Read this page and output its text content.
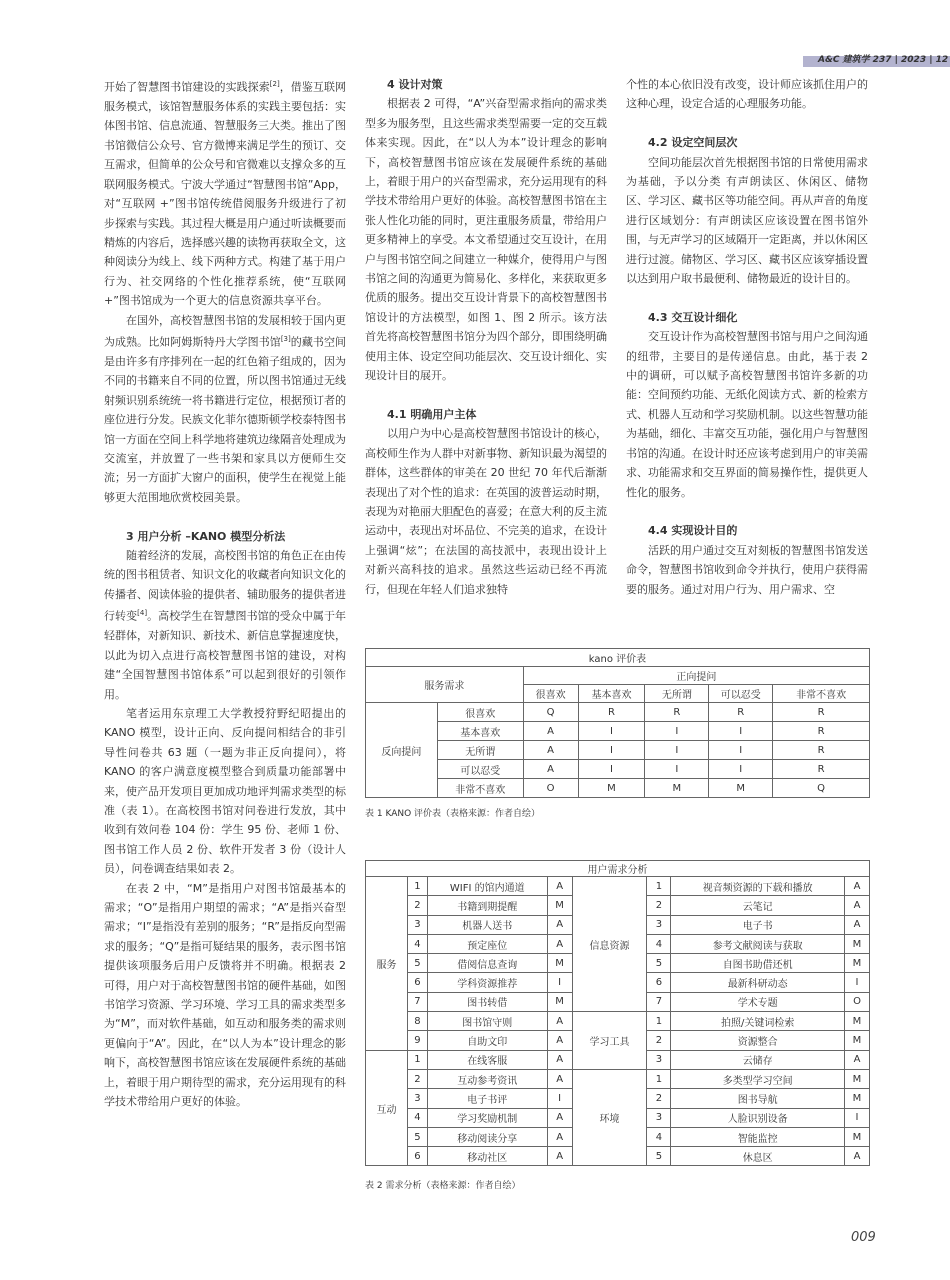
A&C 建筑学 237 | 2023 | 12

开始了智慧图书馆建设的实践探索[2]，借鉴互联网服务模式，该馆智慧服务体系的实践主要包括：实体图书馆、信息流通、智慧服务三大类。推出了图书馆微信公众号、官方微博来满足学生的预订、交互需求，但简单的公众号和官微难以支撑众多的互联网服务模式。宁波大学通过“智慧图书馆”App，对“互联网 +”图书馆传统借阅服务升级进行了初步探索与实践。其过程大概是用户通过听读概要而精炼的内容后，选择感兴趣的读物再获取全文，这种阅读分为线上、线下两种方式。构建了基于用户行为、社交网络的个性化推荐系统，使“互联网 +”图书馆成为一个更大的信息资源共享平台。

在国外，高校智慧图书馆的发展相较于国内更为成熟。比如阿姆斯特丹大学图书馆[3]的藏书空间是由许多有序排列在一起的红色箱子组成的，因为不同的书籍来自不同的位置，所以图书馆通过无线射频识别系统统一将书籍进行定位，根据预订者的座位进行分发。民族文化菲尔德斯顿学校泰特图书馆一方面在空间上科学地将建筑边缘隔音处理成为交流室，并放置了一些书架和家具以方便师生交流；另一方面扩大窗户的面积，使学生在视觉上能够更大范围地欣赏校园美景。

3 用户分析 –KANO 模型分析法

随着经济的发展，高校图书馆的角色正在由传统的图书租赁者、知识文化的收藏者向知识文化的传播者、阅读体验的提供者、辅助服务的提供者进行转变[4]。高校学生在智慧图书馆的受众中属于年轻群体，对新知识、新技术、新信息掌握速度快，以此为切入点进行高校智慧图书馆的建设，对构建“全国智慧图书馆体系”可以起到很好的引领作用。

笔者运用东京理工大学教授狩野纪昭提出的 KANO 模型，设计正向、反向提问相结合的非引导性问卷共 63 题（一题为非正反向提问），将 KANO 的客户满意度模型整合到质量功能部署中来，使产品开发项目更加成功地评判需求类型的标准（表 1）。在高校图书馆对问卷进行发放，其中收到有效问卷 104 份：学生 95 份、老师 1 份、图书馆工作人员 2 份、软件开发者 3 份（设计人员），问卷调查结果如表 2。

在表 2 中，“M”是指用户对图书馆最基本的需求；“O”是指用户期望的需求；“A”是指兴奋型需求；“I”是指没有差别的服务；“R”是指反向型需求的服务；“Q”是指可疑结果的服务，表示图书馆提供该项服务后用户反馈将并不明确。根据表 2 可得，用户对于高校智慧图书馆的硬件基础，如图书馆学习资源、学习环境、学习工具的需求类型多为“M”，而对软件基础，如互动和服务类的需求则更偏向于“A”。因此，在“以人为本”设计理念的影响下，高校智慧图书馆应该在发展硬件系统的基础上，着眼于用户期待型的需求，充分运用现有的科学技术带给用户更好的体验。

4 设计对策

根据表 2 可得，“A”兴奋型需求指向的需求类型多为服务型，且这些需求类型需要一定的交互载体来实现。因此，在“以人为本”设计理念的影响下，高校智慧图书馆应该在发展硬件系统的基础上，着眼于用户的兴奋型需求，充分运用现有的科学技术带给用户更好的体验。高校智慧图书馆在主张人性化功能的同时，更注重服务质量，带给用户更多精神上的享受。本文希望通过交互设计，在用户与图书馆空间之间建立一种媒介，使得用户与图书馆之间的沟通更为简易化、多样化，来获取更多优质的服务。提出交互设计背景下的高校智慧图书馆设计的方法模型，如图 1、图 2 所示。该方法首先将高校智慧图书馆分为四个部分，即围绕明确使用主体、设定空间功能层次、交互设计细化、实现设计目的展开。

4.1 明确用户主体

以用户为中心是高校智慧图书馆设计的核心，高校师生作为人群中对新事物、新知识最为渴望的群体，这些群体的审美在 20 世纪 70 年代后渐渐表现出了对个性的追求：在英国的波普运动时期，表现为对艳丽大胆配色的喜爱；在意大利的反主流运动中，表现出对坏品位、不完美的追求，在设计上强调“炫”；在法国的高技派中，表现出设计上对新兴高科技的追求。虽然这些运动已经不再流行，但现在年轻人们追求独特

个性的本心依旧没有改变，设计师应该抓住用户的这种心理，设定合适的心理服务功能。

4.2 设定空间层次

空间功能层次首先根据图书馆的日常使用需求为基础，予以分类 有声朗读区、休闲区、储物区、学习区、藏书区等功能空间。再从声音的角度进行区域划分：有声朗读区应该设置在图书馆外围，与无声学习的区域隔开一定距离，并以休闲区进行过渡。储物区、学习区、藏书区应该穿插设置以达到用户取书最便利、储物最近的设计目的。

4.3 交互设计细化

交互设计作为高校智慧图书馆与用户之间沟通的纽带，主要目的是传递信息。由此，基于表 2 中的调研，可以赋予高校智慧图书馆许多新的功能：空间预约功能、无纸化阅读方式、新的检索方式、机器人互动和学习奖励机制。以这些智慧功能为基础，细化、丰富交互功能，强化用户与智慧图书馆的沟通。在设计时还应该考虑到用户的审美需求、功能需求和交互界面的简易操作性，提供更人性化的服务。

4.4 实现设计目的

活跃的用户通过交互对刻板的智慧图书馆发送命令，智慧图书馆收到命令并执行，使用户获得需要的服务。通过对用户行为、用户需求、空

kano 评价表						
服务需求		正向提问				
		很喜欢	基本喜欢	无所谓	可以忍受	非常不喜欢
反向提问	很喜欢	Q	R	R	R	R
	基本喜欢	A	I	I	I	R
	无所谓	A	I	I	I	R
	可以忍受	A	I	I	I	R
	非常不喜欢	O	M	M	M	Q
表 1 KANO 评价表（表格来源：作者自绘）
用户需求分析							
服务	1	WIFI 的馆内通道	A	信息资源	1	视音频资源的下载和播放	A
	2	书籍到期提醒	M		2	云笔记	A
	3	机器人送书	A		3	电子书	A
	4	预定座位	A		4	参考文献阅读与获取	M
	5	借阅信息查询	M		5	自图书助借还机	M
	6	学科资源推荐	I		6	最新科研动态	I
	7	图书转借	M		7	学术专题	O
	8	图书馆守则	A	学习工具	1	拍照/关键词检索	M
	9	自助文印	A		2	资源整合	M
互动	1	在线客服	A		3	云储存	A
	2	互动参考资讯	A	环境	1	多类型学习空间	M
	3	电子书评	I		2	图书导航	M
	4	学习奖励机制	A		3	人脸识别设备	I
	5	移动阅读分享	A		4	智能监控	M
	6	移动社区	A		5	休息区	A
表 2 需求分析（表格来源：作者自绘）
009
